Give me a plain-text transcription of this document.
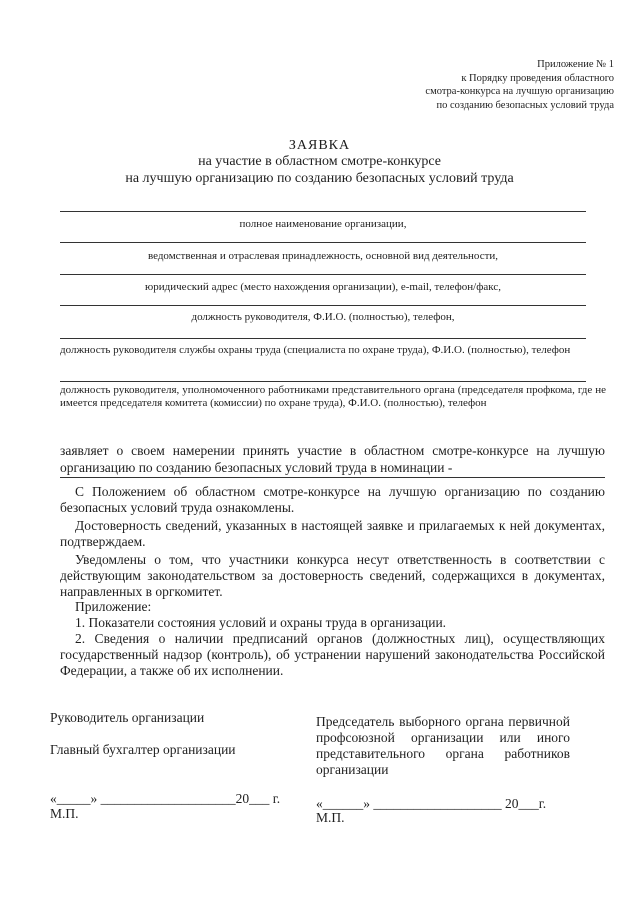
Приложение № 1
к Порядку проведения областного
смотра-конкурса на лучшую организацию
по созданию безопасных условий труда
ЗАЯВКА
на участие в областном смотре-конкурсе
на лучшую организацию по созданию безопасных условий труда
полное наименование организации,
ведомственная и отраслевая принадлежность, основной вид деятельности,
юридический адрес (место нахождения организации), e-mail, телефон/факс,
должность руководителя, Ф.И.О. (полностью), телефон,
должность руководителя службы охраны труда (специалиста по охране труда), Ф.И.О. (полностью), телефон
должность руководителя, уполномоченного работниками представительного органа (председателя профкома, где не имеется председателя комитета (комиссии) по охране труда), Ф.И.О. (полностью), телефон
заявляет о своем намерении принять участие в областном смотре-конкурсе на лучшую организацию по созданию безопасных условий труда в номинации -
С Положением об областном смотре-конкурсе на лучшую организацию по созданию безопасных условий труда ознакомлены.
Достоверность сведений, указанных в настоящей заявке и прилагаемых к ней документах, подтверждаем.
Уведомлены о том, что участники конкурса несут ответственность в соответствии с действующим законодательством за достоверность сведений, содержащихся в документах, направленных в оргкомитет.
Приложение:
1. Показатели состояния условий и охраны труда в организации.
2. Сведения о наличии предписаний органов (должностных лиц), осуществляющих государственный надзор (контроль), об устранении нарушений законодательства Российской Федерации, а также об их исполнении.
Руководитель организации
Главный бухгалтер организации
Председатель выборного органа первичной профсоюзной организации или иного представительного органа работников организации
«_____» ____________________20___ г.
М.П.
«______» ___________________ 20___г.
М.П.
